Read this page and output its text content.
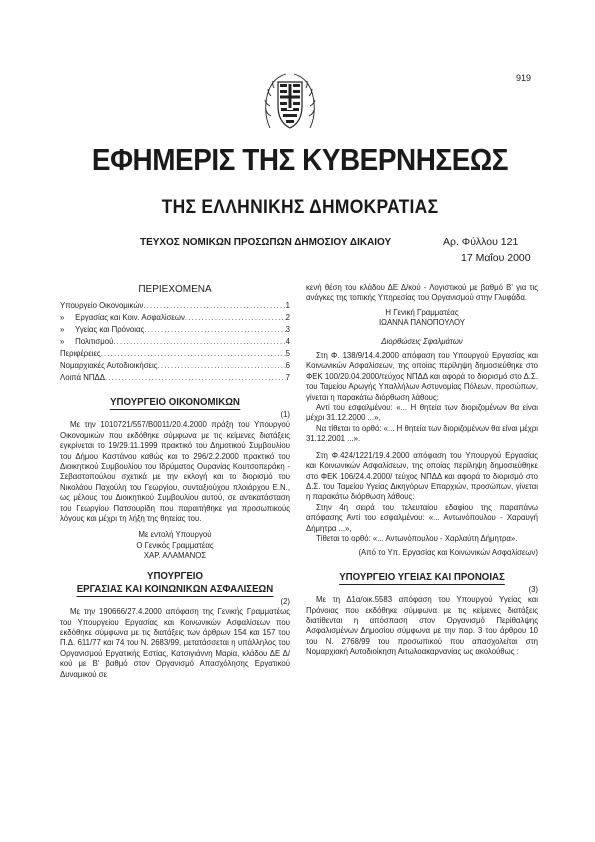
919
ΕΦΗΜΕΡΙΣ ΤΗΣ ΚΥΒΕΡΝΗΣΕΩΣ
ΤΗΣ ΕΛΛΗΝΙΚΗΣ ΔΗΜΟΚΡΑΤΙΑΣ
ΤΕΥΧΟΣ ΝΟΜΙΚΩΝ ΠΡΟΣΩΠΩΝ ΔΗΜΟΣΙΟΥ ΔΙΚΑΙΟΥ	Αρ. Φύλλου 121
17 Μαΐου 2000
ΠΕΡΙΕΧΟΜΕΝΑ
Υπουργείο Οικονομικών . . .	1
»     Εργασίας και Κοιν. Ασφαλίσεων . . .	2
»     Υγείας και Πρόνοιας . . .	3
»     Πολιτισμού . . .	4
Περιφέρειες . . .	5
Νομαρχιακές Αυτοδιοικήσεις . . .	6
Λοιπά ΝΠΔΔ . . .	7
ΥΠΟΥΡΓΕΙΟ ΟΙΚΟΝΟΜΙΚΩΝ
(1)
Με την 1010721/557/Β0011/20.4.2000 πράξη του Υπουργού Οικονομικών που εκδόθηκε σύμφωνα με τις κείμενες διατάξεις εγκρίνεται το 19/29.11.1999 πρακτικό του Δημοτικού Συμβουλίου του Δήμου Καστάνου καθώς και το 296/2.2.2000 πρακτικό του Διοικητικού Συμβουλίου του Ιδρύματος Ουρανίας Κουτσοπεράκη - Σεβαστοπούλου σχετικά με την εκλογή και το διορισμό του Νικολάου Παχούλη του Γεωργίου, συνταξιούχου πλοιάρχου Ε.Ν., ως μέλους του Διοικητικού Συμβουλίου αυτού, σε αντικατάσταση του Γεωργίου Πατσουρίδη που παραιτήθηκε για προσωπικούς λόγους και μέχρι τη λήξη της θητείας του.
Με εντολή Υπουργού
Ο Γενικός Γραμματέας
ΧΑΡ. ΑΛΑΜΑΝΟΣ
ΥΠΟΥΡΓΕΙΟ
ΕΡΓΑΣΙΑΣ ΚΑΙ ΚΟΙΝΩΝΙΚΩΝ ΑΣΦΑΛΙΣΕΩΝ
(2)
Με την 190666/27.4.2000 απόφαση της Γενικής Γραμματέως του Υπουργείου Εργασίας και Κοινωνικών Ασφαλίσεων που εκδόθηκε σύμφωνα με τις διατάξεις των άρθρων 154 και 157 του Π.Δ. 611/77 και 74 του Ν. 2683/99, μετατάσσεται η υπάλληλος του Οργανισμού Εργατικής Εστίας, Κατσιγιάννη Μαρία, κλάδου ΔΕ Δ/κού με Β' βαθμό στον Οργανισμό Απασχόλησης Εργατικού Δυναμικού σε
κενή θέση του κλάδου ΔΕ Δ/κού - Λογιστικού με βαθμό Β' για τις ανάγκες της τοπικής Υπηρεσίας του Οργανισμού στην Γλυφάδα.
Η Γενική Γραμματέας
ΙΩΑΝΝΑ ΠΑΝΟΠΟΥΛΟΥ
Διορθώσεις Σφαλμάτων
Στη Φ. 138/9/14.4.2000 απόφαση του Υπουργού Εργασίας και Κοινωνικών Ασφαλίσεων, της οποίας περίληψη δημοσιεύθηκε στο ΦΕΚ 100/20.04.2000/τεύχος ΝΠΔΔ και αφορά το διορισμό στο Δ.Σ. του Ταμείου Αρωγής Υπαλλήλων Αστυνομίας Πόλεων, προσώπων, γίνεται η παρακάτω διόρθωση λάθους:
Αντί του εσφαλμένου: «... Η θητεία των διοριζομένων θα είναι μέχρι 31.12.2000 ...»,
Να τίθεται το ορθό: «... Η θητεία των διοριζομένων θα είναι μέχρι 31.12.2001 ...».
Στη Φ.424/1221/19.4.2000 απόφαση του Υπουργού Εργασίας και Κοινωνικών Ασφαλίσεων, της οποίας περίληψη δημοσιεύθηκε στο ΦΕΚ 106/24.4.2000/ τεύχος ΝΠΔΔ και αφορά το διορισμό στο Δ.Σ. του Ταμείου Υγείας Δικηγόρων Επαρχιών, προσώπων, γίνεται η παρακάτω διόρθωση λάθους:
Στην 4η σειρά του τελευταίου εδαφίου της παραπάνω απόφασης Αντί του εσφαλμένου: «... Αντωνόπουλου - Χαραυγή Δήμητρα ...»,
Τίθεται το ορθό: «... Αντωνόπουλου - Χαρλαύτη Δήμητρα».
(Από το Υπ. Εργασίας και Κοινωνικών Ασφαλίσεων)
ΥΠΟΥΡΓΕΙΟ ΥΓΕΙΑΣ ΚΑΙ ΠΡΟΝΟΙΑΣ
(3)
Με τη Δ1α/οικ.5583 απόφαση του Υπουργού Υγείας και Πρόνοιας που εκδόθηκε σύμφωνα με τις κείμενες διατάξεις διατίθενται η απόσπαση στον Οργανισμό Περίθαλψης Ασφαλισμένων Δημοσίου σύμφωνα με την παρ. 3 του άρθρου 10 του Ν. 2768/99 του προσωπικού που απασχολείται στη Νομαρχιακή Αυτοδιοίκηση Αιτωλοακαρνανίας ως ακολούθως :
